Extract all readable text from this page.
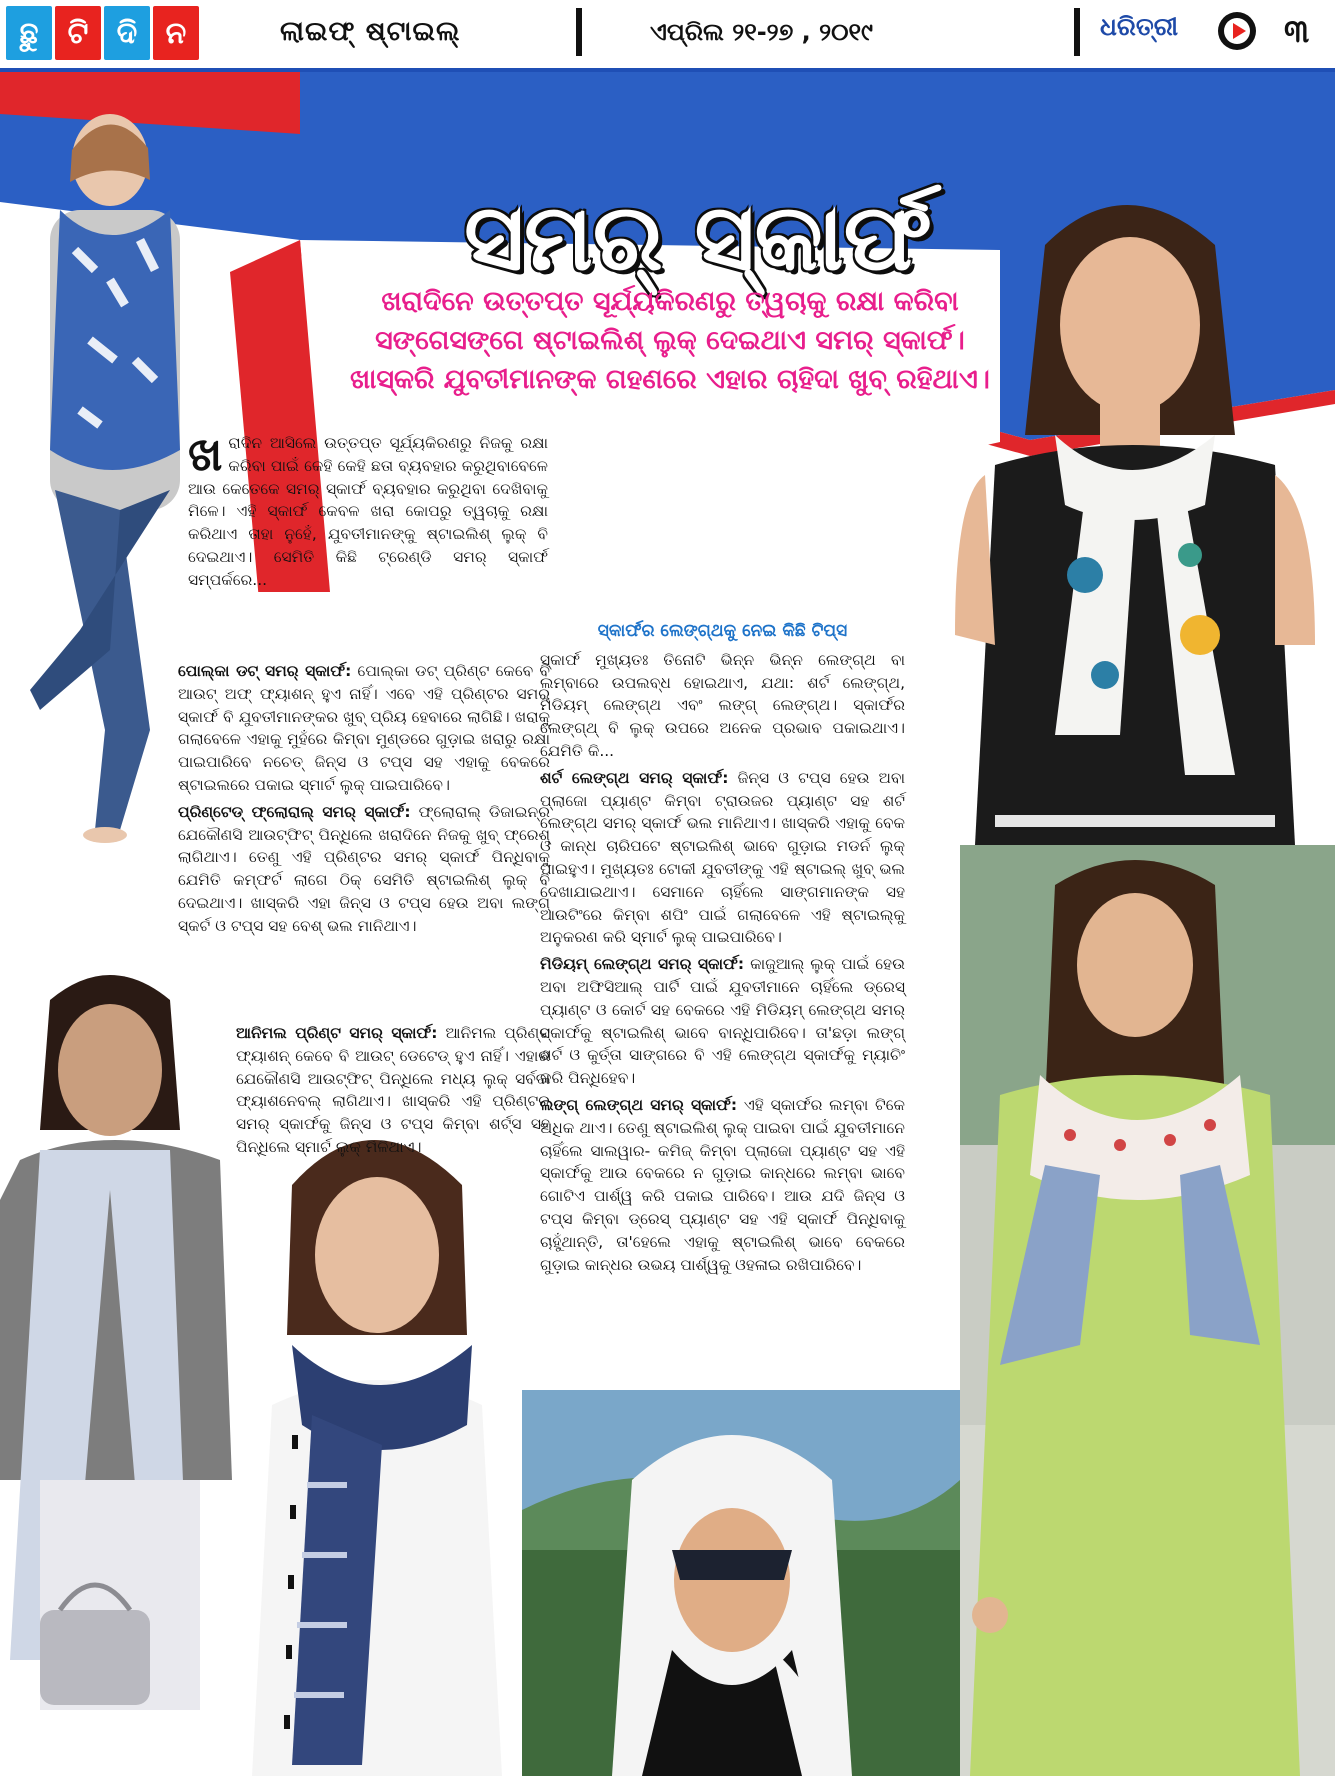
ଛୁ ଟି ଦି ନ	ଲାଇଫ୍ ଷ୍ଟାଇଲ୍	ଏପ୍ରିଲ ୨୧-୨୭ , ୨୦୧୯	ଧରିତ୍ରୀ	୩
ସମର୍ ସ୍କାର୍ଫ
ଖରାଦିନେ ଉତ୍ତପ୍ତ ସୂର୍ଯ୍ୟକିରଣରୁ ତ୍ୱଚାକୁ ରକ୍ଷା କରିବା ସଙ୍ଗେସଙ୍ଗେ ଷ୍ଟାଇଲିଶ୍ ଲୁକ୍ ଦେଇଥାଏ ସମର୍ ସ୍କାର୍ଫ। ଖାସ୍‌କରି ଯୁବତୀମାନଙ୍କ ଗହଣରେ ଏହାର ଚାହିଦା ଖୁବ୍ ରହିଥାଏ।

ଖରାଦିନ ଆସିଲେ ଉତ୍ତପ୍ତ ସୂର୍ଯ୍ୟକିରଣରୁ ନିଜକୁ ରକ୍ଷା କରିବା ପାଇଁ କେହି କେହି ଛତା ବ୍ୟବହାର କରୁଥିବାବେଳେ ଆଉ କେତେକେ ସମର୍ ସ୍କାର୍ଫ ବ୍ୟବହାର କରୁଥିବା ଦେଖିବାକୁ ମିଳେ। ଏହି ସ୍କାର୍ଫ କେବଳ ଖରା କୋପରୁ ତ୍ୱଚାକୁ ରକ୍ଷା କରିଥାଏ ତାହା ନୁହେଁ, ଯୁବତୀମାନଙ୍କୁ ଷ୍ଟାଇଲିଶ୍ ଲୁକ୍ ବି ଦେଇଥାଏ। ସେମିତି କିଛି ଟ୍ରେଣ୍ଡି ସମର୍ ସ୍କାର୍ଫ ସମ୍ପର୍କରେ...

ପୋଲ୍‌କା ଡଟ୍ ସମର୍ ସ୍କାର୍ଫ: ପୋଲ୍‌କା ଡଟ୍ ପ୍ରିଣ୍ଟ କେବେ ବି ଆଉଟ୍ ଅଫ୍ ଫ୍ୟାଶନ୍ ହୁଏ ନାହିଁ। ଏବେ ଏହି ପ୍ରିଣ୍ଟର ସମର୍ ସ୍କାର୍ଫ ବି ଯୁବତୀମାନଙ୍କର ଖୁବ୍ ପ୍ରିୟ ହେବାରେ ଲାଗିଛି। ଖରାକୁ ଗଲାବେଳେ ଏହାକୁ ମୁହଁରେ କିମ୍ବା ମୁଣ୍ଡରେ ଗୁଡ଼ାଇ ଖରାରୁ ରକ୍ଷା ପାଇପାରିବେ ନଚେତ୍ ଜିନ୍ସ ଓ ଟପ୍ସ ସହ ଏହାକୁ ବେକରେ ଷ୍ଟାଇଲରେ ପକାଇ ସ୍ମାର୍ଟ ଲୁକ୍ ପାଇପାରିବେ।

ପ୍ରିଣ୍ଟେଡ୍ ଫ୍ଲୋରାଲ୍ ସମର୍ ସ୍କାର୍ଫ: ଫ୍ଲୋରାଲ୍ ଡିଜାଇନ୍‌ର ଯେକୌଣସି ଆଉଟ୍‌ଫିଟ୍ ପିନ୍ଧିଲେ ଖରାଦିନେ ନିଜକୁ ଖୁବ୍ ଫ୍ରେଶ୍ ଲାଗିଥାଏ। ତେଣୁ ଏହି ପ୍ରିଣ୍ଟର ସମର୍ ସ୍କାର୍ଫ ପିନ୍ଧିବାକୁ ଯେମିତି କମ୍ଫର୍ଟ ଲାଗେ ଠିକ୍ ସେମିତି ଷ୍ଟାଇଲିଶ୍ ଲୁକ୍ ବି ଦେଇଥାଏ। ଖାସ୍‌କରି ଏହା ଜିନ୍ସ ଓ ଟପ୍ସ ହେଉ ଅବା ଲଙ୍ଗ୍ ସ୍କର୍ଟ ଓ ଟପ୍ସ ସହ ବେଶ୍ ଭଲ ମାନିଥାଏ।

ଆନିମଲ ପ୍ରିଣ୍ଟ ସମର୍ ସ୍କାର୍ଫ: ଆନିମଲ ପ୍ରିଣ୍ଟ ଫ୍ୟାଶନ୍ କେବେ ବି ଆଉଟ୍ ଡେଟେଡ୍ ହୁଏ ନାହିଁ। ଏହାର ଯେକୌଣସି ଆଉଟ୍‌ଫିଟ୍ ପିନ୍ଧିଲେ ମଧ୍ୟ ଲୁକ୍ ସର୍ବଦା ଫ୍ୟାଶନେବଲ୍ ଲାଗିଥାଏ। ଖାସ୍‌କରି ଏହି ପ୍ରିଣ୍ଟର ସମର୍ ସ୍କାର୍ଫକୁ ଜିନ୍ସ ଓ ଟପ୍ସ କିମ୍ବା ଶର୍ଟ୍ସ ସହ ପିନ୍ଧିଲେ ସ୍ମାର୍ଟ ଲୁକ୍ ମିଳିଥାଏ।

ସ୍କାର୍ଫର ଲେଙ୍ଗ୍‌ଥକୁ ନେଇ କିଛି ଟିପ୍ସ

ସ୍କାର୍ଫ ମୁଖ୍ୟତଃ ତିନୋଟି ଭିନ୍ନ ଭିନ୍ନ ଲେଙ୍ଗ୍‌ଥ ବା ଲମ୍ବାରେ ଉପଲବ୍ଧ ହୋଇଥାଏ, ଯଥା: ଶର୍ଟ ଲେଙ୍ଗ୍‌ଥ, ମିଡିୟମ୍ ଲେଙ୍ଗ୍‌ଥ ଏବଂ ଲଙ୍ଗ୍ ଲେଙ୍ଗ୍‌ଥ। ସ୍କାର୍ଫର ଲେଙ୍ଗ୍‌ଥ୍ ବି ଲୁକ୍ ଉପରେ ଅନେକ ପ୍ରଭାବ ପକାଇଥାଏ। ଯେମିତି କି...

ଶର୍ଟ ଲେଙ୍ଗ୍‌ଥ ସମର୍ ସ୍କାର୍ଫ: ଜିନ୍ସ ଓ ଟପ୍ସ ହେଉ ଅବା ପ୍ଲାଜୋ ପ୍ୟାଣ୍ଟ କିମ୍ବା ଟ୍ରାଉଜର ପ୍ୟାଣ୍ଟ ସହ ଶର୍ଟ ଲେଙ୍ଗ୍‌ଥ ସମର୍ ସ୍କାର୍ଫ ଭଲ ମାନିଥାଏ। ଖାସ୍‌କରି ଏହାକୁ ବେକ ଓ କାନ୍ଧ ଚାରିପଟେ ଷ୍ଟାଇଲିଶ୍ ଭାବେ ଗୁଡ଼ାଇ ମଡର୍ନ ଲୁକ୍ ପାଇହୁଏ। ମୁଖ୍ୟତଃ ଟୋକୀ ଯୁବତୀଙ୍କୁ ଏହି ଷ୍ଟାଇଲ୍ ଖୁବ୍ ଭଲ ଦେଖାଯାଇଥାଏ। ସେମାନେ ଚାହିଁଲେ ସାଙ୍ଗମାନଙ୍କ ସହ ଆଉଟିଂରେ କିମ୍ବା ଶପିଂ ପାଇଁ ଗଲାବେଳେ ଏହି ଷ୍ଟାଇଲ୍‌କୁ ଅନୁକରଣ କରି ସ୍ମାର୍ଟ ଲୁକ୍ ପାଇପାରିବେ।

ମିଡିୟମ୍ ଲେଙ୍ଗ୍‌ଥ ସମର୍ ସ୍କାର୍ଫ: କାଜୁଆଲ୍ ଲୁକ୍ ପାଇଁ ହେଉ ଅବା ଅଫିସିଆଲ୍ ପାର୍ଟି ପାଇଁ ଯୁବତୀମାନେ ଚାହିଁଲେ ଡ୍ରେସ୍ ପ୍ୟାଣ୍ଟ ଓ କୋର୍ଟ ସହ ବେକରେ ଏହି ମିଡିୟମ୍ ଲେଙ୍ଗ୍‌ଥ ସମର୍ ସ୍କାର୍ଫକୁ ଷ୍ଟାଇଲିଶ୍ ଭାବେ ବାନ୍ଧିପାରିବେ। ତା'ଛଡ଼ା ଲଙ୍ଗ୍ ଶର୍ଟ ଓ କୁର୍ତ୍ତା ସାଙ୍ଗରେ ବି ଏହି ଲେଙ୍ଗ୍‌ଥ ସ୍କାର୍ଫକୁ ମ୍ୟାଚିଂ କରି ପିନ୍ଧିହେବ।

ଲଙ୍ଗ୍ ଲେଙ୍ଗ୍‌ଥ ସମର୍ ସ୍କାର୍ଫ: ଏହି ସ୍କାର୍ଫର ଲମ୍ବା ଟିକେ ଅଧିକ ଥାଏ। ତେଣୁ ଷ୍ଟାଇଲିଶ୍ ଲୁକ୍ ପାଇବା ପାଇଁ ଯୁବତୀମାନେ ଚାହିଁଲେ ସାଲୱାର- କମିଜ୍ କିମ୍ବା ପ୍ଲାଜୋ ପ୍ୟାଣ୍ଟ ସହ ଏହି ସ୍କାର୍ଫକୁ ଆଉ ବେକରେ ନ ଗୁଡ଼ାଇ କାନ୍ଧରେ ଲମ୍ବା ଭାବେ ଗୋଟିଏ ପାର୍ଶ୍ୱ କରି ପକାଇ ପାରିବେ। ଆଉ ଯଦି ଜିନ୍ସ ଓ ଟପ୍ସ କିମ୍ବା ଡ୍ରେସ୍ ପ୍ୟାଣ୍ଟ ସହ ଏହି ସ୍କାର୍ଫ ପିନ୍ଧିବାକୁ ଚାହୁଁଥାନ୍ତି, ତା'ହେଲେ ଏହାକୁ ଷ୍ଟାଇଲିଶ୍ ଭାବେ ବେକରେ ଗୁଡ଼ାଇ କାନ୍ଧର ଉଭୟ ପାର୍ଶ୍ୱକୁ ଓହଳାଇ ରଖିପାରିବେ।
